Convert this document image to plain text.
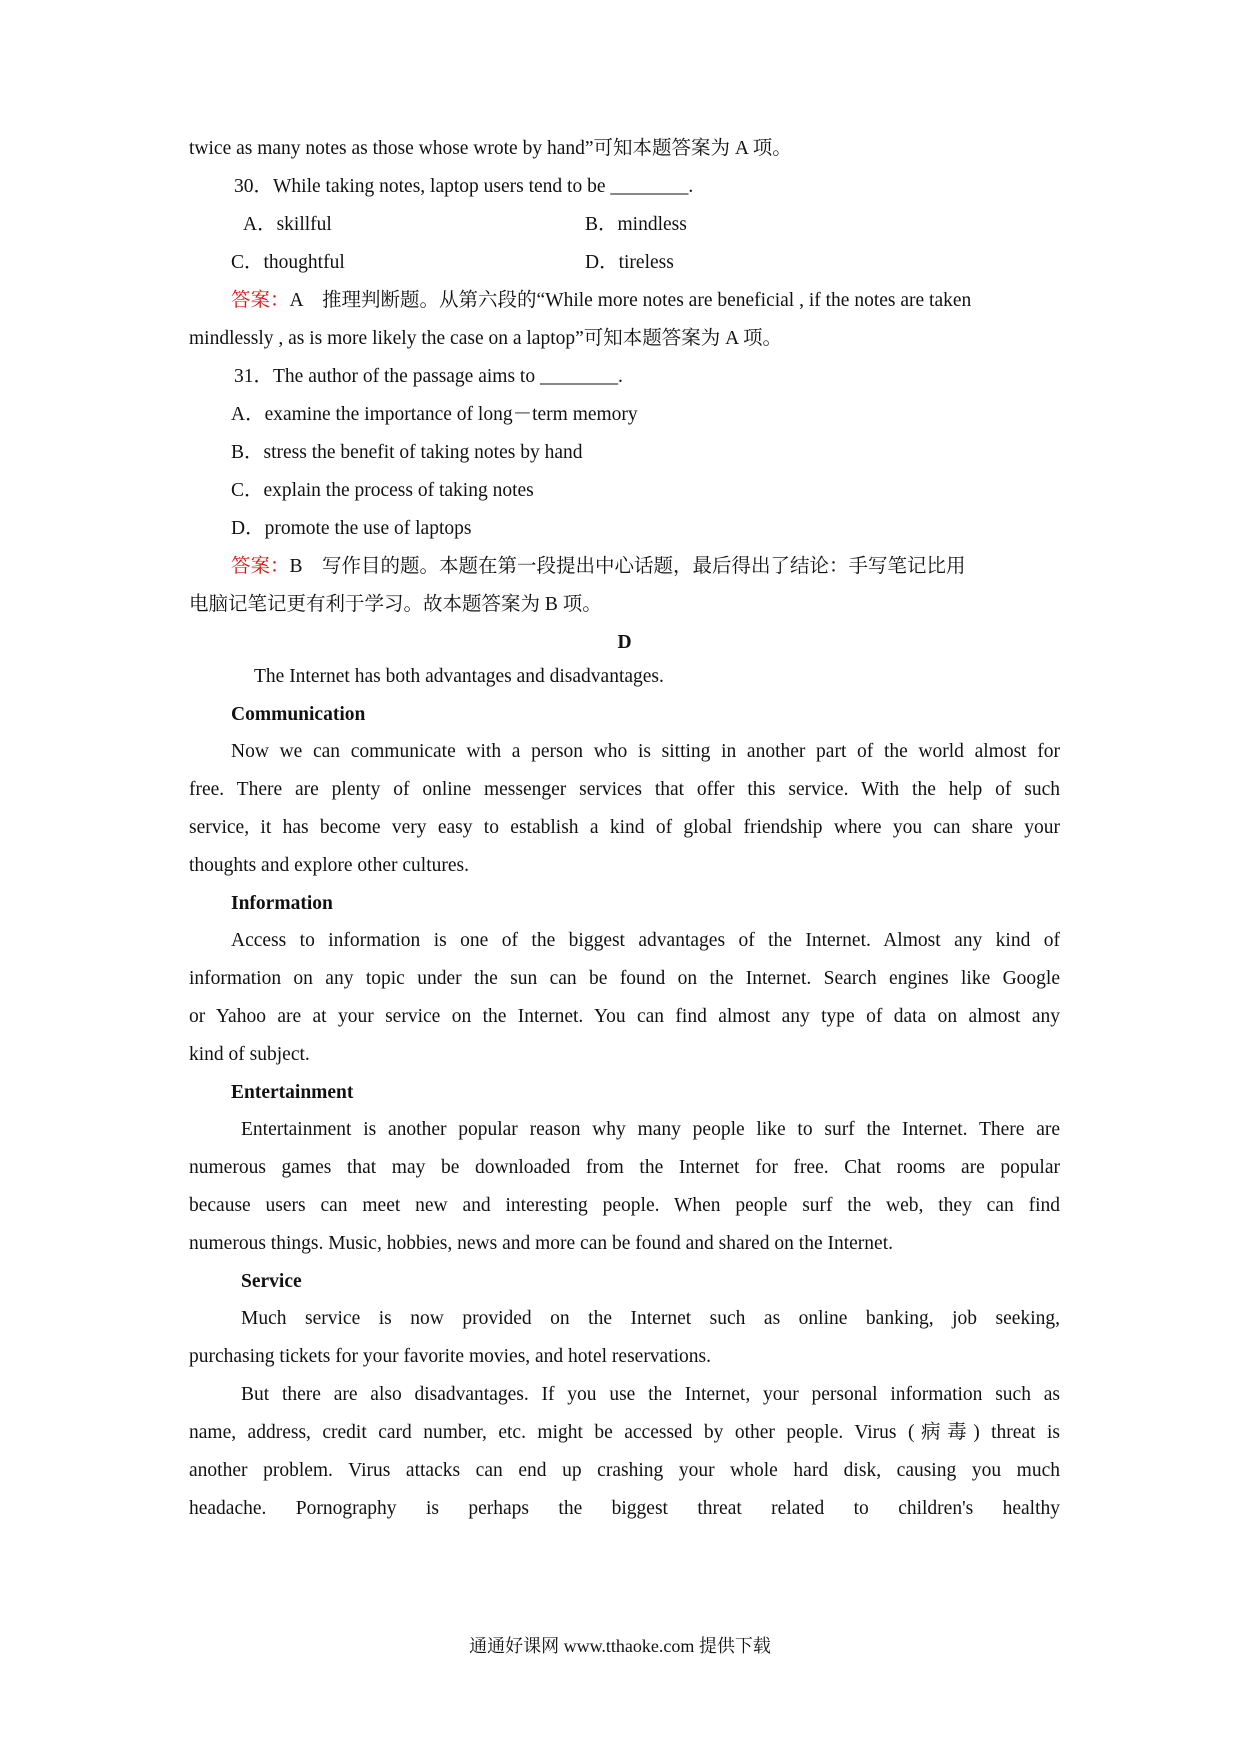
twice as many notes as those whose wrote by hand”可知本题答案为 A 项。
30．While taking notes, laptop users tend to be ________.
A．skillful	B．mindless
C．thoughtful	D．tireless
答案：A　推理判断题。从第六段的“While more notes are beneficial , if the notes are taken
mindlessly , as is more likely the case on a laptop”可知本题答案为 A 项。
31．The author of the passage aims to ________.
A．examine the importance of long－term memory
B．stress the benefit of taking notes by hand
C．explain the process of taking notes
D．promote the use of laptops
答案：B　写作目的题。本题在第一段提出中心话题，最后得出了结论：手写笔记比用
电脑记笔记更有利于学习。故本题答案为 B 项。
D
The Internet has both advantages and disadvantages.
Communication
Now we can communicate with a person who is sitting in another part of the world almost for
free. There are plenty of online messenger services that offer this service. With the help of such
service, it has become very easy to establish a kind of global friendship where you can share your
thoughts and explore other cultures.
Information
Access to information is one of the biggest advantages of the Internet. Almost any kind of
information on any topic under the sun can be found on the Internet. Search engines like Google
or Yahoo are at your service on the Internet. You can find almost any type of data on almost any
kind of subject.
Entertainment
Entertainment is another popular reason why many people like to surf the Internet. There are
numerous games that may be downloaded from the Internet for free. Chat rooms are popular
because users can meet new and interesting people. When people surf the web, they can find
numerous things. Music, hobbies, news and more can be found and shared on the Internet.
Service
Much service is now provided on the Internet such as online banking, job seeking,
purchasing tickets for your favorite movies, and hotel reservations.
But there are also disadvantages. If you use the Internet, your personal information such as
name, address, credit card number, etc. might be accessed by other people. Virus (病毒) threat is
another problem. Virus attacks can end up crashing your whole hard disk, causing you much
headache. Pornography is perhaps the biggest threat related to children's healthy
通通好课网 www.tthaoke.com 提供下载
